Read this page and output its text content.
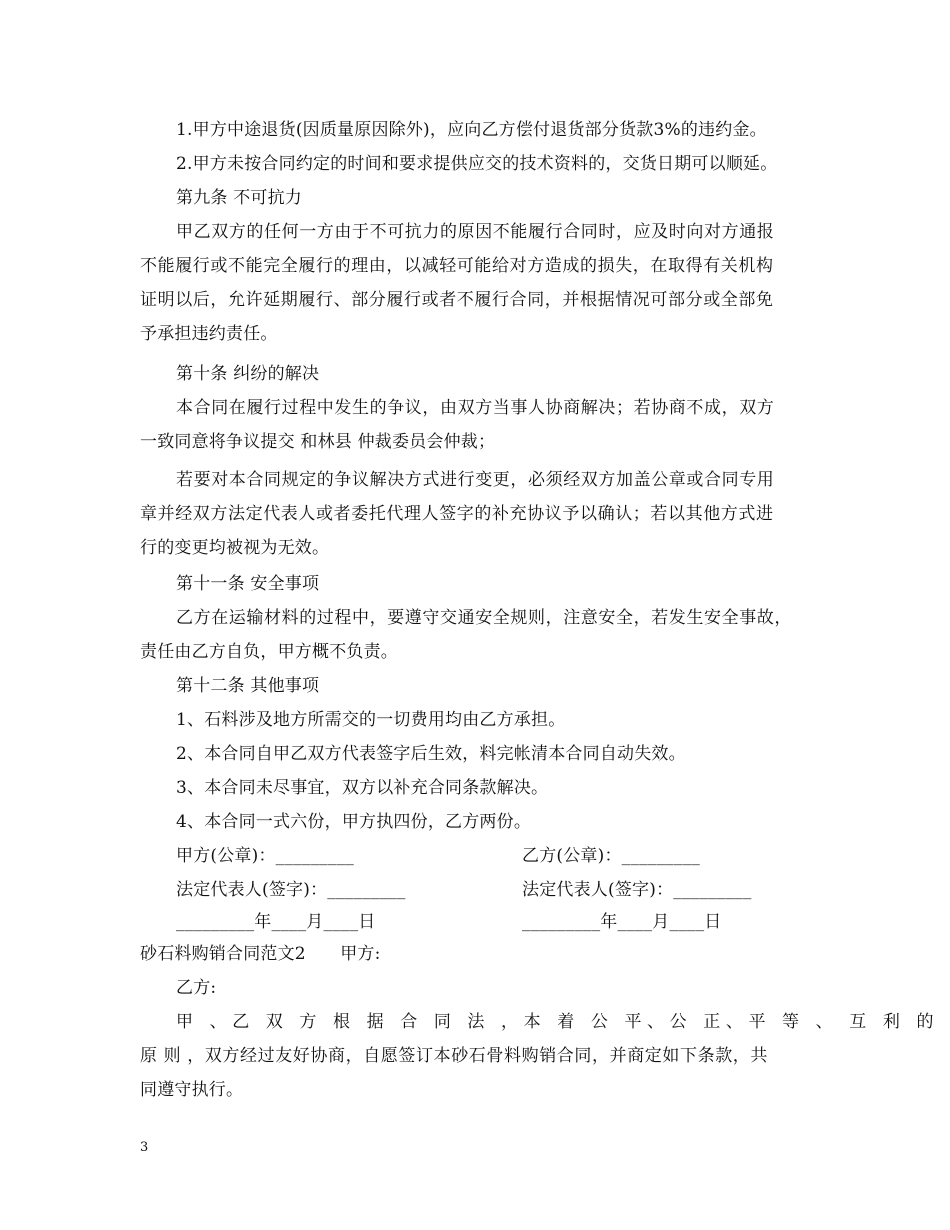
1.甲方中途退货(因质量原因除外)，应向乙方偿付退货部分货款3%的违约金。
2.甲方未按合同约定的时间和要求提供应交的技术资料的，交货日期可以顺延。
第九条 不可抗力
甲乙双方的任何一方由于不可抗力的原因不能履行合同时，应及时向对方通报
不能履行或不能完全履行的理由，以减轻可能给对方造成的损失，在取得有关机构
证明以后，允许延期履行、部分履行或者不履行合同，并根据情况可部分或全部免
予承担违约责任。
第十条 纠纷的解决
本合同在履行过程中发生的争议，由双方当事人协商解决；若协商不成，双方
一致同意将争议提交 和林县 仲裁委员会仲裁；
若要对本合同规定的争议解决方式进行变更，必须经双方加盖公章或合同专用
章并经双方法定代表人或者委托代理人签字的补充协议予以确认；若以其他方式进
行的变更均被视为无效。
第十一条 安全事项
乙方在运输材料的过程中，要遵守交通安全规则，注意安全，若发生安全事故，
责任由乙方自负，甲方概不负责。
第十二条 其他事项
1、石料涉及地方所需交的一切费用均由乙方承担。
2、本合同自甲乙双方代表签字后生效，料完帐清本合同自动失效。
3、本合同未尽事宜，双方以补充合同条款解决。
4、本合同一式六份，甲方执四份，乙方两份。
甲方(公章)：_________	乙方(公章)：_________
法定代表人(签字)：_________	法定代表人(签字)：_________
_________年____月____日	_________年____月____日
砂石料购销合同范文2　　甲方:
乙方:
甲 、乙 双 方 根 据 合 同 法 ，本 着 公 平、公 正、平 等 、 互 利 的
原 则 ，双方经过友好协商，自愿签订本砂石骨料购销合同，并商定如下条款，共
同遵守执行。
3
